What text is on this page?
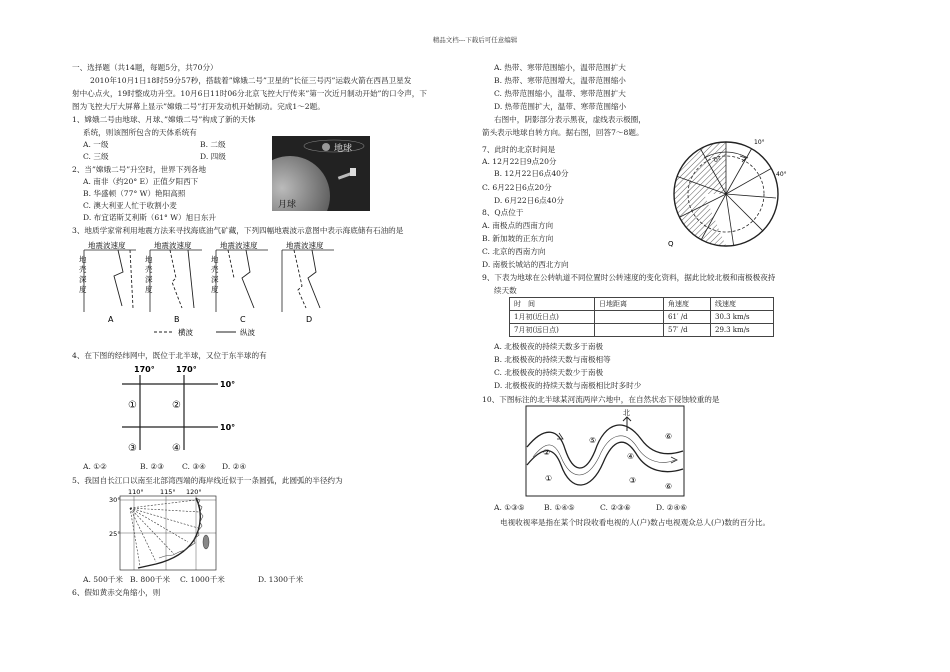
精品文档---下载后可任意编辑
一、选择题（共14题，每题5分，共70分）
2010年10月1日18时59分57秒，搭载着”嫦娥二号”卫星的”长征三号丙”运载火箭在西昌卫星发
射中心点火，19时整成功升空。10月6日11时06分北京飞控大厅传来”第一次近月制动开始”的口令声，下
图为飞控大厅大屏幕上显示”嫦娥二号”打开发动机开始制动。完成1～2题。
1、嫦娥二号由地球、月球、”嫦娥二号”构成了新的天体
系统，则该图所包含的天体系统有
A. 一级	B. 二级
C. 三级	D. 四级
地球
月球
2、当”嫦娥二号”升空时，世界下列各地
A. 南非（约20° E）正值夕阳西下
B. 华盛顿（77° W）艳阳高照
C. 澳大利亚人忙于收割小麦
D. 布宜诺斯艾利斯（61° W）旭日东升
3、地质学家常利用地震方法来寻找海底油气矿藏，下列四幅地震波示意图中表示海底储有石油的是
地震波速度
地
壳
深
度
A
地震波速度
地
壳
深
度
B
地震波速度
地
壳
深
度
C
地震波速度
D
横波	纵波
4、在下图的经纬网中，既位于北半球，又位于东半球的有
170°	170°
10°
10°
①	②
③	④
A. ①②	B. ②③ C. ③④ D. ②④
5、我国自长江口以南至北部湾西端的海岸线近似于一条圆弧，此圆弧的半径约为
110°	115° 120°
30°
25°
A. 500千米 B. 800千米 C. 1000千米	D. 1300千米
6、假如黄赤交角缩小，则
A. 热带、寒带范围缩小，温带范围扩大
B. 热带、寒带范围增大，温带范围缩小
C. 热带范围缩小，温带、寒带范围扩大
D. 热带范围扩大，温带、寒带范围缩小
右图中，阴影部分表示黑夜，虚线表示极圈，
箭头表示地球自转方向。据右图，回答7～8题。
7、此时的北京时间是
A. 12月22日9点20分
B. 12月22日6点40分
C. 6月22日6点20分
D. 6月22日6点40分
10°
0°
40°
Q
8、Q点位于
A. 南极点的西南方向
B. 新加坡的正东方向
C. 北京的西南方向
D. 南极长城站的西北方向
9、下表为地球在公转轨道不同位置时公转速度的变化资料，据此比较北极和南极极夜持
续天数
时　间	日地距离	角速度	线速度
1月初(近日点)		61′ /d	30.3 km/s
7月初(远日点)		57′ /d	29.3 km/s
A. 北极极夜的持续天数多于南极
B. 北极极夜的持续天数与南极相等
C. 北极极夜的持续天数少于南极
D. 北极极夜的持续天数与南极相比时多时少
10、下图标注的北半球某河流两岸六地中，在自然状态下侵蚀较重的是
北
①
②
③
④
⑤	⑥
⑥
A. ①③⑤	B. ①④⑤	C. ②③⑥	D. ②④⑥
电视收视率是指在某个时段收看电视的人(户)数占电视观众总人(户)数的百分比。
